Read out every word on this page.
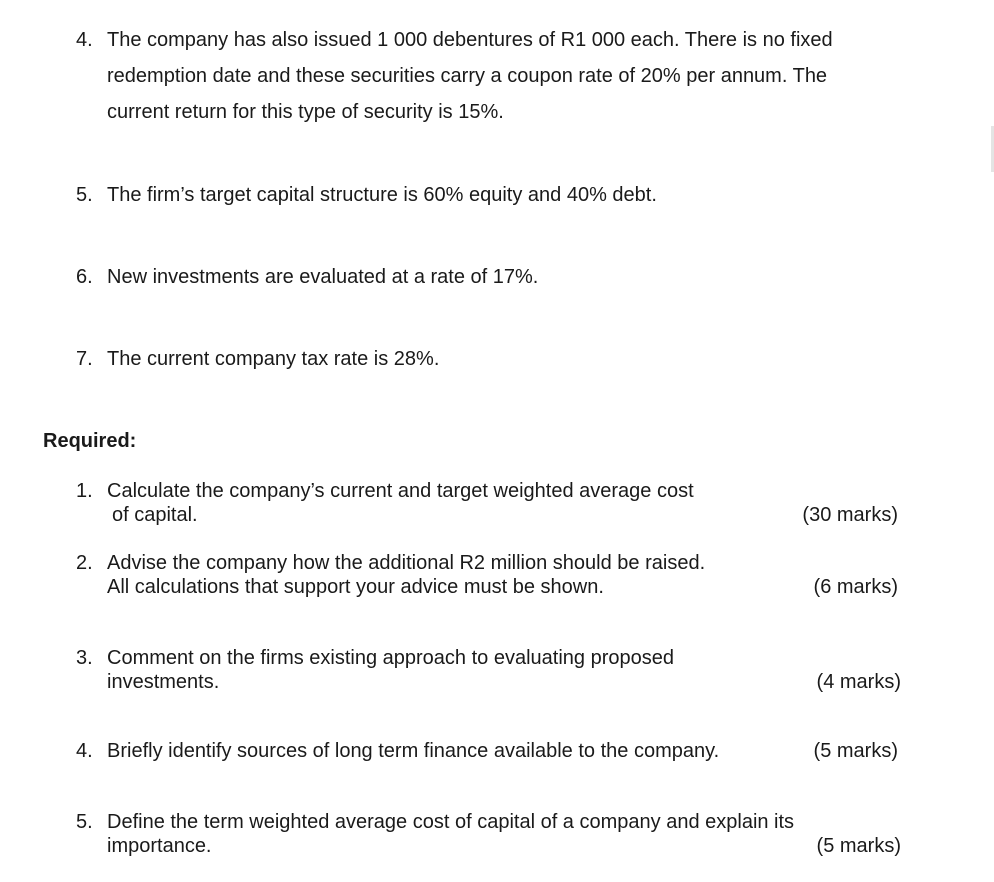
4. The company has also issued 1 000 debentures of R1 000 each. There is no fixed
redemption date and these securities carry a coupon rate of 20% per annum. The
current return for this type of security is 15%.
5. The firm’s target capital structure is 60% equity and 40% debt.
6. New investments are evaluated at a rate of 17%.
7. The current company tax rate is 28%.
Required:
1. Calculate the company’s current and target weighted average cost
of capital.	(30 marks)
2. Advise the company how the additional R2 million should be raised.
All calculations that support your advice must be shown.	(6 marks)
3. Comment on the firms existing approach to evaluating proposed
investments.	(4 marks)
4. Briefly identify sources of long term finance available to the company.	(5 marks)
5. Define the term weighted average cost of capital of a company and explain its
importance.	(5 marks)
